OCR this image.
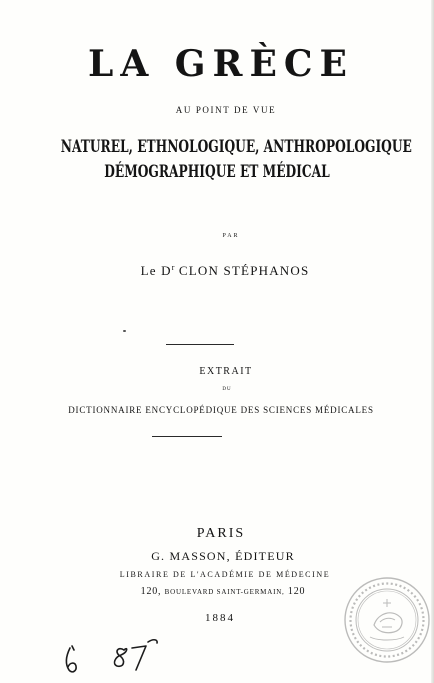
LA GRÈCE
AU POINT DE VUE
NATUREL, ETHNOLOGIQUE, ANTHROPOLOGIQUE
DÉMOGRAPHIQUE ET MÉDICAL
PAR
Le $D^r$ CLON STÉPHANOS
EXTRAIT
DU
DICTIONNAIRE ENCYCLOPÉDIQUE DES SCIENCES MÉDICALES
PARIS
G. MASSON, ÉDITEUR
LIBRAIRE DE L'ACADÉMIE DE MÉDECINE
120, BOULEVARD SAINT-GERMAIN, 120
1884
